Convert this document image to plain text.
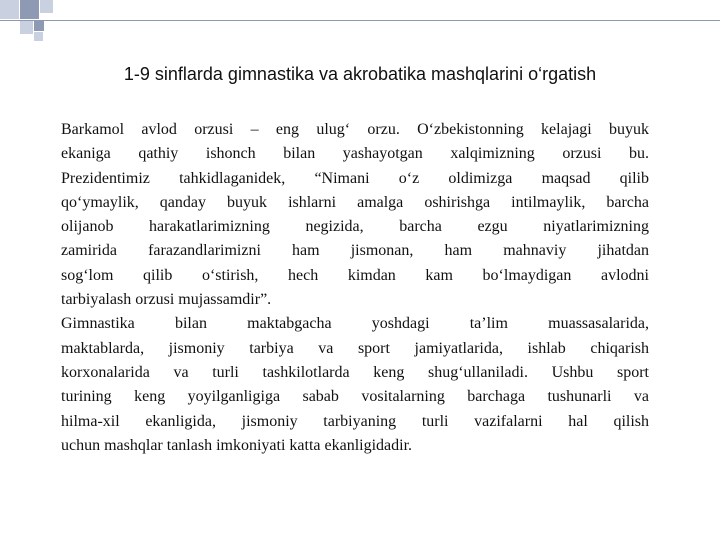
1-9 sinflarda gimnastika va akrobatika mashqlarini o‘rgatish
Barkamol avlod orzusi – eng ulug‘ orzu. O‘zbekistonning kelajagi buyuk
ekaniga qathiy ishonch bilan yashayotgan xalqimizning orzusi bu.
Prezidentimiz tahkidlaganidek, “Nimani o‘z oldimizga maqsad qilib
qo‘ymaylik, qanday buyuk ishlarni amalga oshirishga intilmaylik, barcha
olijanob harakatlarimizning negizida, barcha ezgu niyatlarimizning
zamirida farazandlarimizni ham jismonan, ham mahnaviy jihatdan
sog‘lom qilib o‘stirish, hech kimdan kam bo‘lmaydigan avlodni
tarbiyalash orzusi mujassamdir”.
Gimnastika bilan maktabgacha yoshdagi ta’lim muassasalarida,
maktablarda, jismoniy tarbiya va sport jamiyatlarida, ishlab chiqarish
korxonalarida va turli tashkilotlarda keng shug‘ullaniladi. Ushbu sport
turining keng yoyilganligiga sabab vositalarning barchaga tushunarli va
hilma-xil ekanligida, jismoniy tarbiyaning turli vazifalarni hal qilish
uchun mashqlar tanlash imkoniyati katta ekanligidadir.
